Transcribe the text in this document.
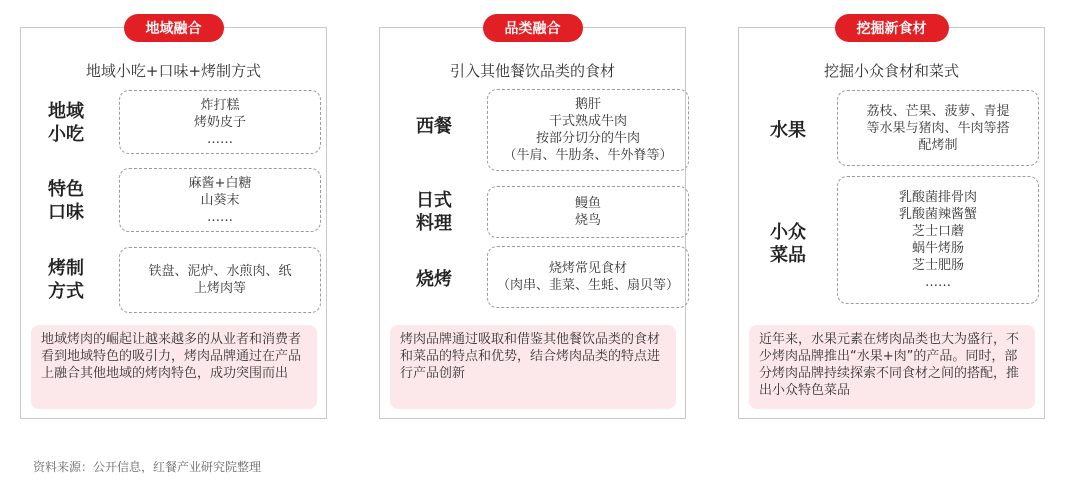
地域融合
地域小吃+口味+烤制方式
地域
小吃
炸打糕
烤奶皮子
……
特色
口味
麻酱+白糖
山葵末
……
烤制
方式
铁盘、泥炉、水煎肉、纸
上烤肉等
地域烤肉的崛起让越来越多的从业者和消费者看到地域特色的吸引力，烤肉品牌通过在产品上融合其他地域的烤肉特色，成功突围而出
品类融合
引入其他餐饮品类的食材
西餐
鹅肝
干式熟成牛肉
按部分切分的牛肉
（牛肩、牛肋条、牛外脊等）
日式
料理
鳗鱼
烧鸟
烧烤
烧烤常见食材
（肉串、韭菜、生蚝、扇贝等）
烤肉品牌通过吸取和借鉴其他餐饮品类的食材和菜品的特点和优势，结合烤肉品类的特点进行产品创新
挖掘新食材
挖掘小众食材和菜式
水果
荔枝、芒果、菠萝、青提
等水果与猪肉、牛肉等搭
配烤制
小众
菜品
乳酸菌排骨肉
乳酸菌辣酱蟹
芝士口蘑
蜗牛烤肠
芝士肥肠
……
近年来，水果元素在烤肉品类也大为盛行，不少烤肉品牌推出“水果+肉”的产品。同时，部分烤肉品牌持续探索不同食材之间的搭配，推出小众特色菜品
资料来源：公开信息，红餐产业研究院整理
